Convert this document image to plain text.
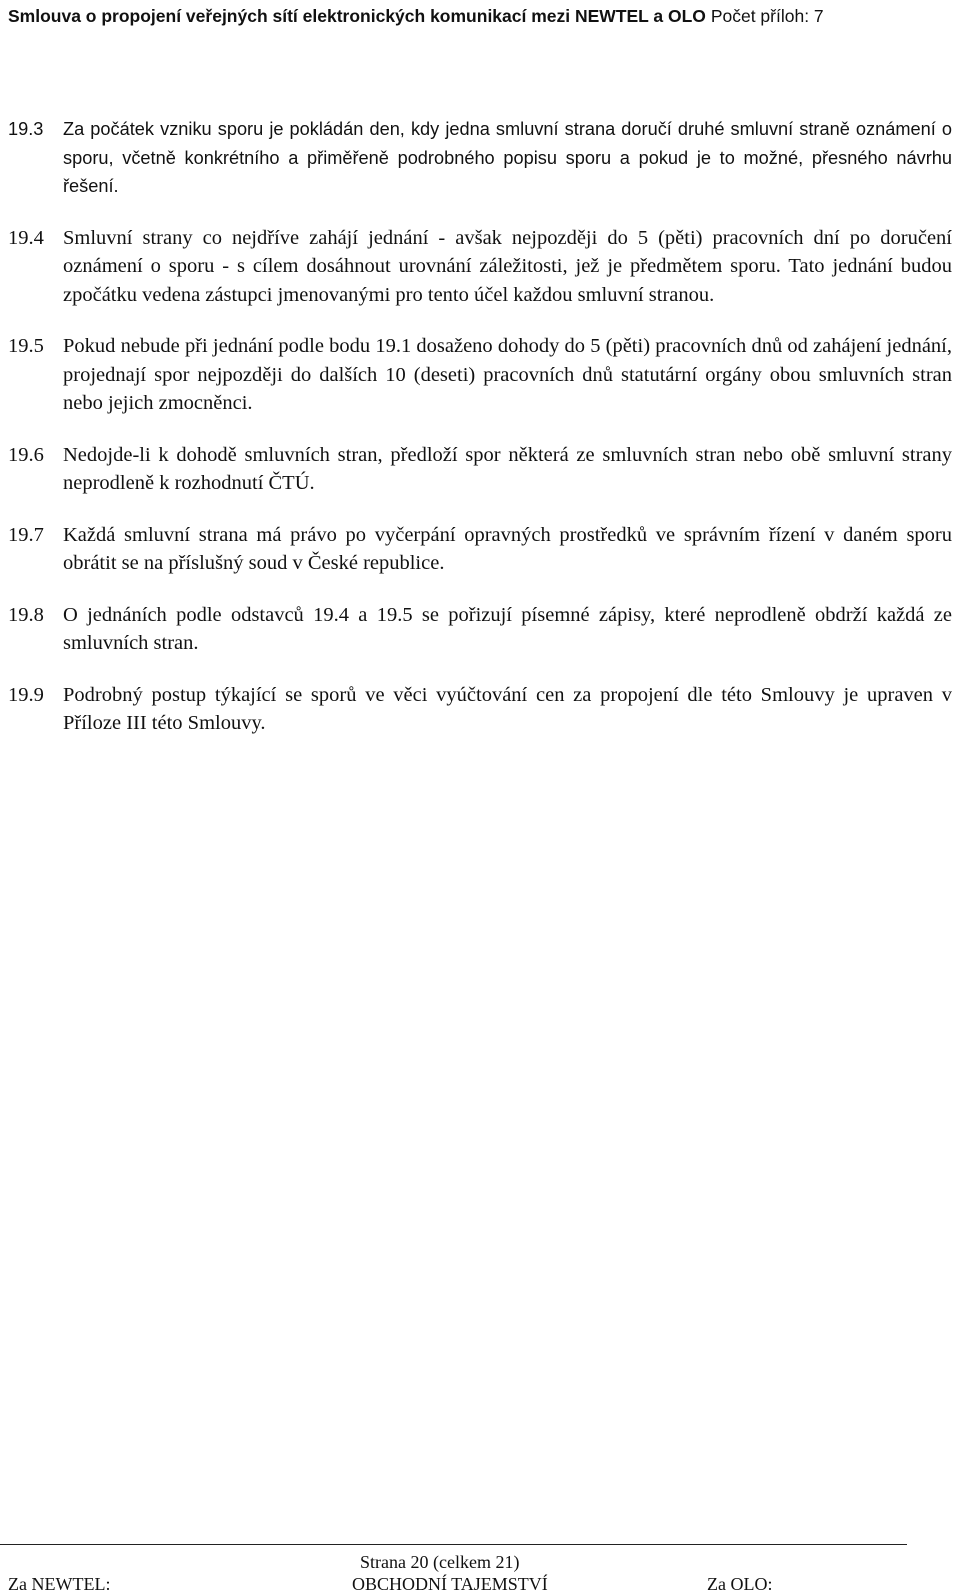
Smlouva o propojení veřejných sítí elektronických komunikací mezi NEWTEL a OLO Počet příloh: 7
19.3	Za počátek vzniku sporu je pokládán den, kdy jedna smluvní strana doručí druhé smluvní straně oznámení o sporu, včetně konkrétního a přiměřeně podrobného popisu sporu a pokud je to možné, přesného návrhu řešení.
19.4 Smluvní strany co nejdříve zahájí jednání - avšak nejpozději do 5 (pěti) pracovních dní po doručení oznámení o sporu - s cílem dosáhnout urovnání záležitosti, jež je předmětem sporu. Tato jednání budou zpočátku vedena zástupci jmenovanými pro tento účel každou smluvní stranou.
19.5 Pokud nebude při jednání podle bodu 19.1 dosaženo dohody do 5 (pěti) pracovních dnů od zahájení jednání, projednají spor nejpozději do dalších 10 (deseti) pracovních dnů statutární orgány obou smluvních stran nebo jejich zmocněnci.
19.6 Nedojde-li k dohodě smluvních stran, předloží spor některá ze smluvních stran nebo obě smluvní strany neprodleně k rozhodnutí ČTÚ.
19.7 Každá smluvní strana má právo po vyčerpání opravných prostředků ve správním řízení v daném sporu obrátit se na příslušný soud v České republice.
19.8 O jednáních podle odstavců 19.4 a 19.5 se pořizují písemné zápisy, které neprodleně obdrží každá ze smluvních stran.
19.9 Podrobný postup týkající se sporů ve věci vyúčtování cen za propojení dle této Smlouvy je upraven v Příloze III této Smlouvy.
Strana 20 (celkem 21)
Za NEWTEL:	OBCHODNÍ TAJEMSTVÍ	Za OLO:
